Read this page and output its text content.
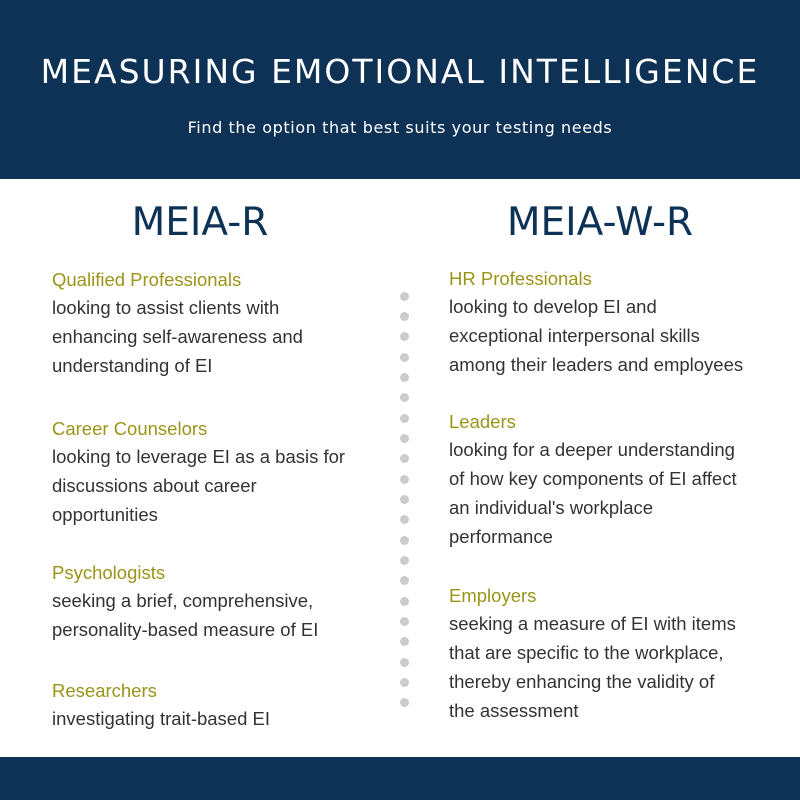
MEASURING EMOTIONAL INTELLIGENCE
Find the option that best suits your testing needs
MEIA-R
Qualified Professionals
looking to assist clients with
enhancing self-awareness and
understanding of EI
Career Counselors
looking to leverage EI as a basis for
discussions about career
opportunities
Psychologists
seeking a brief, comprehensive,
personality-based measure of EI
Researchers
investigating trait-based EI
MEIA-W-R
HR Professionals
looking to develop EI and
exceptional interpersonal skills
among their leaders and employees
Leaders
looking for a deeper understanding
of how key components of EI affect
an individual's workplace
performance
Employers
seeking a measure of EI with items
that are specific to the workplace,
thereby enhancing the validity of
the assessment
